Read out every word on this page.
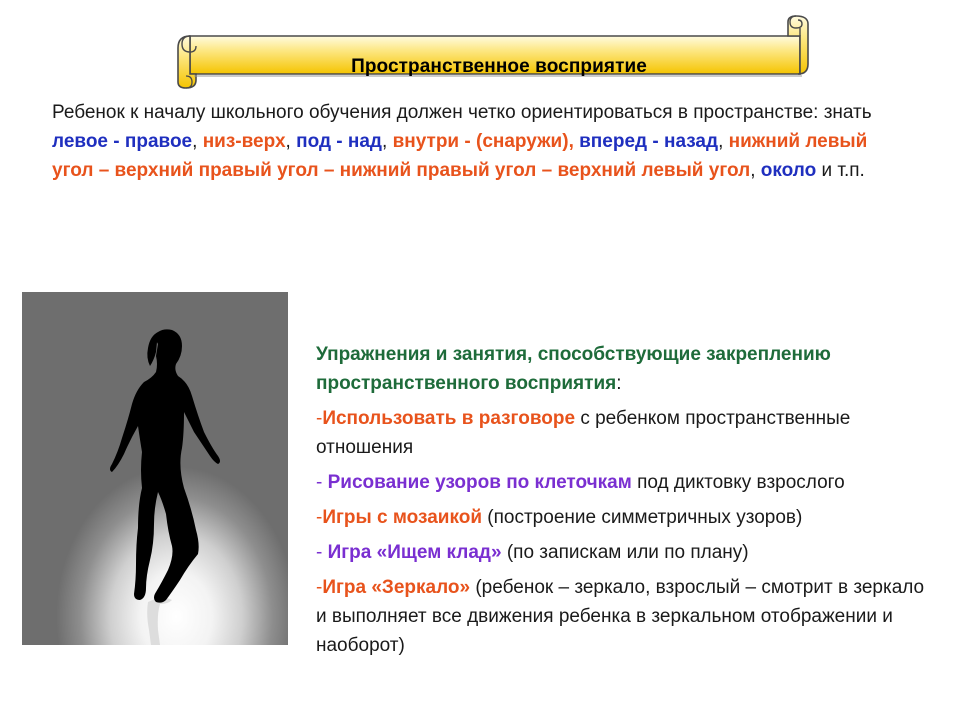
Пространственное восприятие
Ребенок к началу школьного обучения должен четко ориентироваться в пространстве: знать левое - правое, низ-верх, под - над, внутри - (снаружи), вперед - назад, нижний левый угол – верхний правый угол – нижний правый угол – верхний левый угол, около и т.п.
Упражнения и занятия, способствующие закреплению пространственного восприятия:
-Использовать в разговоре с ребенком пространственные отношения
- Рисование узоров по клеточкам под диктовку взрослого
-Игры с мозаикой (построение симметричных узоров)
- Игра «Ищем клад» (по запискам или по плану)
-Игра «Зеркало» (ребенок – зеркало, взрослый – смотрит в зеркало и выполняет все движения ребенка в зеркальном отображении и наоборот)
